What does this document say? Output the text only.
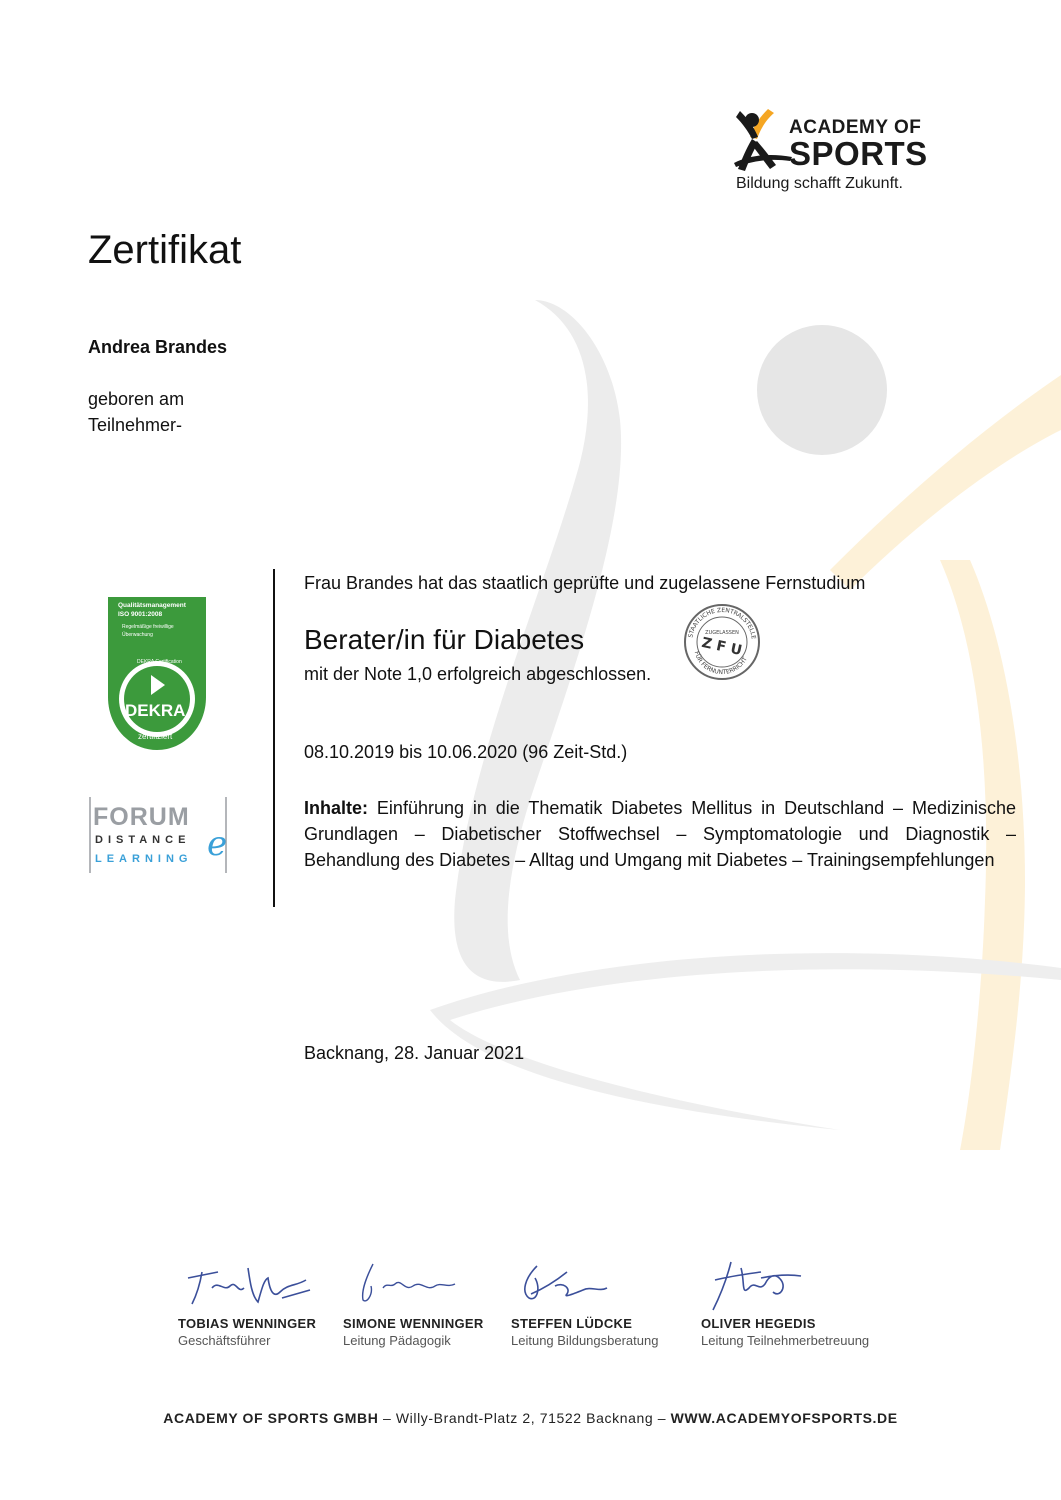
ACADEMY OF
SPORTS
Bildung schafft Zukunft.
Zertifikat
Andrea Brandes
geboren am
Teilnehmer-
Qualitätsmanagement
ISO 9001:2008
Regelmäßige freiwillige
Überwachung
DEKRA Certification
DEKRA
zertifiziert
e
FORUM
DISTANCE
LEARNING
Frau Brandes hat das staatlich geprüfte und zugelassene Fernstudium
Berater/in für Diabetes
mit der Note 1,0 erfolgreich abgeschlossen.
STAATLICHE ZENTRALSTELLE
FÜR FERNUNTERRICHT
ZUGELASSEN
Z F U
08.10.2019 bis 10.06.2020 (96 Zeit-Std.)
Inhalte: Einführung in die Thematik Diabetes Mellitus in Deutschland – Medizinische Grundlagen – Diabetischer Stoffwechsel – Symptomatologie und Diagnostik – Behandlung des Diabetes – Alltag und Umgang mit Diabetes – Trainingsempfehlungen
Backnang, 28. Januar 2021
TOBIAS WENNINGER
Geschäftsführer
SIMONE WENNINGER
Leitung Pädagogik
STEFFEN LÜDCKE
Leitung Bildungsberatung
OLIVER HEGEDIS
Leitung Teilnehmerbetreuung
ACADEMY OF SPORTS GMBH – Willy-Brandt-Platz 2, 71522 Backnang – WWW.ACADEMYOFSPORTS.DE
